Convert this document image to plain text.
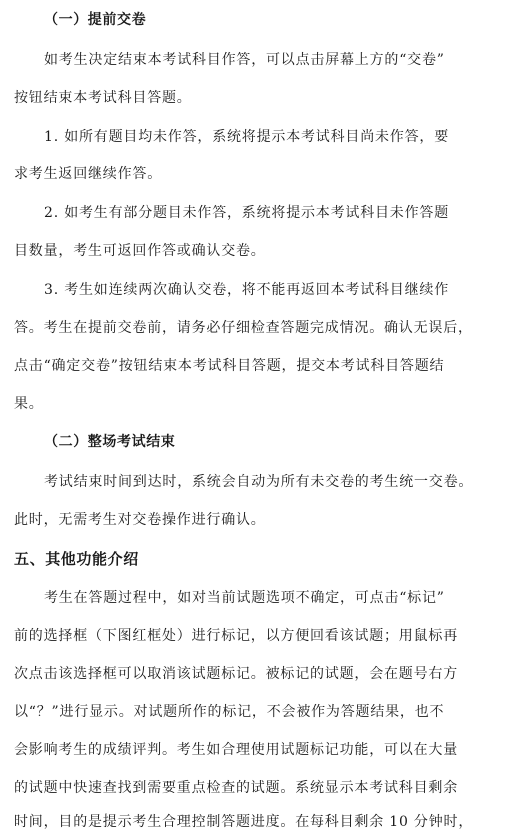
（一）提前交卷
如考生决定结束本考试科目作答，可以点击屏幕上方的“交卷”
按钮结束本考试科目答题。
1. 如所有题目均未作答，系统将提示本考试科目尚未作答，要
求考生返回继续作答。
2. 如考生有部分题目未作答，系统将提示本考试科目未作答题
目数量，考生可返回作答或确认交卷。
3. 考生如连续两次确认交卷，将不能再返回本考试科目继续作
答。考生在提前交卷前，请务必仔细检查答题完成情况。确认无误后，
点击“确定交卷”按钮结束本考试科目答题，提交本考试科目答题结
果。
（二）整场考试结束
考试结束时间到达时，系统会自动为所有未交卷的考生统一交卷。
此时，无需考生对交卷操作进行确认。
五、其他功能介绍
考生在答题过程中，如对当前试题选项不确定，可点击“标记”
前的选择框（下图红框处）进行标记，以方便回看该试题；用鼠标再
次点击该选择框可以取消该试题标记。被标记的试题，会在题号右方
以“？”进行显示。对试题所作的标记，不会被作为答题结果，也不
会影响考生的成绩评判。考生如合理使用试题标记功能，可以在大量
的试题中快速查找到需要重点检查的试题。系统显示本考试科目剩余
时间，目的是提示考生合理控制答题进度。在每科目剩余 10 分钟时，
